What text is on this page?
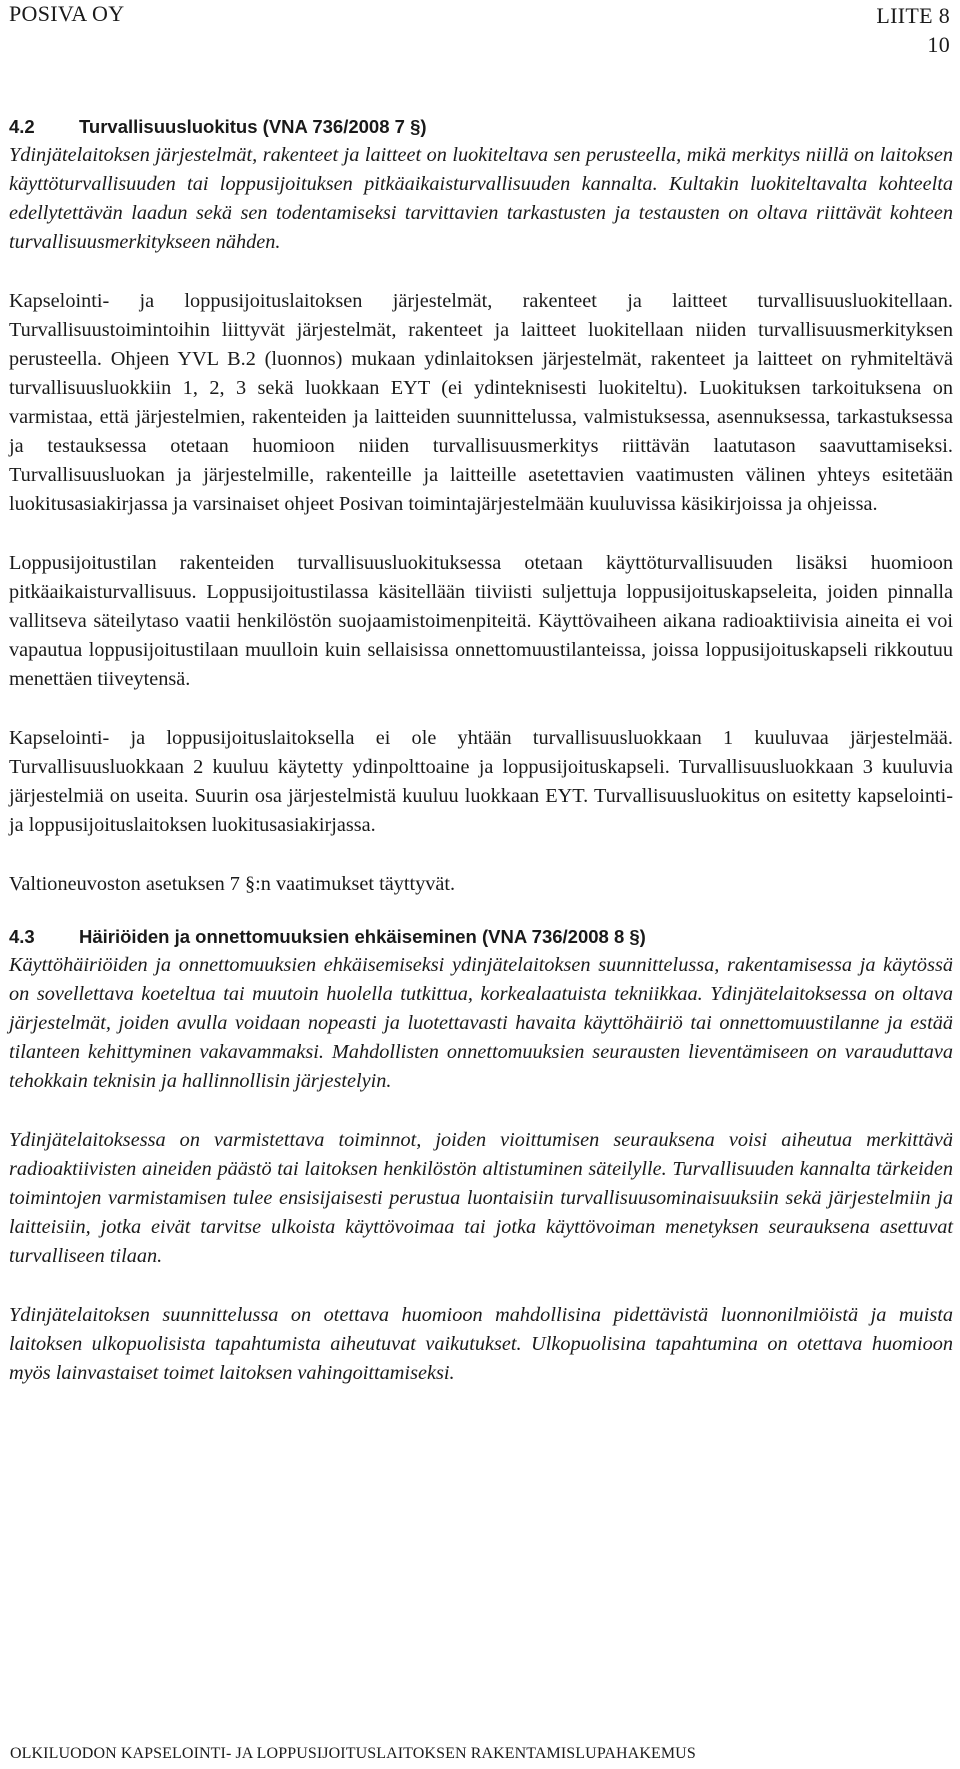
POSIVA OY	LIITE 8
10
4.2 Turvallisuusluokitus (VNA 736/2008 7 §)

Ydinjätelaitoksen järjestelmät, rakenteet ja laitteet on luokiteltava sen perusteella, mikä merkitys niillä on laitoksen käyttöturvallisuuden tai loppusijoituksen pitkäaikaisturvallisuuden kannalta. Kultakin luokiteltavalta kohteelta edellytettävän laadun sekä sen todentamiseksi tarvittavien tarkastusten ja testausten on oltava riittävät kohteen turvallisuusmerkitykseen nähden.

Kapselointi- ja loppusijoituslaitoksen järjestelmät, rakenteet ja laitteet turvallisuusluokitellaan. Turvallisuustoimintoihin liittyvät järjestelmät, rakenteet ja laitteet luokitellaan niiden turvallisuusmerkityksen perusteella. Ohjeen YVL B.2 (luonnos) mukaan ydinlaitoksen järjestelmät, rakenteet ja laitteet on ryhmiteltävä turvallisuusluokkiin 1, 2, 3 sekä luokkaan EYT (ei ydinteknisesti luokiteltu). Luokituksen tarkoituksena on varmistaa, että järjestelmien, rakenteiden ja laitteiden suunnittelussa, valmistuksessa, asennuksessa, tarkastuksessa ja testauksessa otetaan huomioon niiden turvallisuusmerkitys riittävän laatutason saavuttamiseksi. Turvallisuusluokan ja järjestelmille, rakenteille ja laitteille asetettavien vaatimusten välinen yhteys esitetään luokitusasiakirjassa ja varsinaiset ohjeet Posivan toimintajärjestelmään kuuluvissa käsikirjoissa ja ohjeissa.

Loppusijoitustilan rakenteiden turvallisuusluokituksessa otetaan käyttöturvallisuuden lisäksi huomioon pitkäaikaisturvallisuus. Loppusijoitustilassa käsitellään tiiviisti suljettuja loppusijoituskapseleita, joiden pinnalla vallitseva säteilytaso vaatii henkilöstön suojaamistoimenpiteitä. Käyttövaiheen aikana radioaktiivisia aineita ei voi vapautua loppusijoitustilaan muulloin kuin sellaisissa onnettomuustilanteissa, joissa loppusijoituskapseli rikkoutuu menettäen tiiveytensä.

Kapselointi- ja loppusijoituslaitoksella ei ole yhtään turvallisuusluokkaan 1 kuuluvaa järjestelmää. Turvallisuusluokkaan 2 kuuluu käytetty ydinpolttoaine ja loppusijoituskapseli. Turvallisuusluokkaan 3 kuuluvia järjestelmiä on useita. Suurin osa järjestelmistä kuuluu luokkaan EYT. Turvallisuusluokitus on esitetty kapselointi- ja loppusijoituslaitoksen luokitusasiakirjassa.

Valtioneuvoston asetuksen 7 §:n vaatimukset täyttyvät.

4.3 Häiriöiden ja onnettomuuksien ehkäiseminen (VNA 736/2008 8 §)

Käyttöhäiriöiden ja onnettomuuksien ehkäisemiseksi ydinjätelaitoksen suunnittelussa, rakentamisessa ja käytössä on sovellettava koeteltua tai muutoin huolella tutkittua, korkealaatuista tekniikkaa. Ydinjätelaitoksessa on oltava järjestelmät, joiden avulla voidaan nopeasti ja luotettavasti havaita käyttöhäiriö tai onnettomuustilanne ja estää tilanteen kehittyminen vakavammaksi. Mahdollisten onnettomuuksien seurausten lieventämiseen on varauduttava tehokkain teknisin ja hallinnollisin järjestelyin.

Ydinjätelaitoksessa on varmistettava toiminnot, joiden vioittumisen seurauksena voisi aiheutua merkittävä radioaktiivisten aineiden päästö tai laitoksen henkilöstön altistuminen säteilylle. Turvallisuuden kannalta tärkeiden toimintojen varmistamisen tulee ensisijaisesti perustua luontaisiin turvallisuusominaisuuksiin sekä järjestelmiin ja laitteisiin, jotka eivät tarvitse ulkoista käyttövoimaa tai jotka käyttövoiman menetyksen seurauksena asettuvat turvalliseen tilaan.

Ydinjätelaitoksen suunnittelussa on otettava huomioon mahdollisina pidettävistä luonnonilmiöistä ja muista laitoksen ulkopuolisista tapahtumista aiheutuvat vaikutukset. Ulkopuolisina tapahtumina on otettava huomioon myös lainvastaiset toimet laitoksen vahingoittamiseksi.

OLKILUODON KAPSELOINTI- JA LOPPUSIJOITUSLAITOKSEN RAKENTAMISLUPAHAKEMUS
